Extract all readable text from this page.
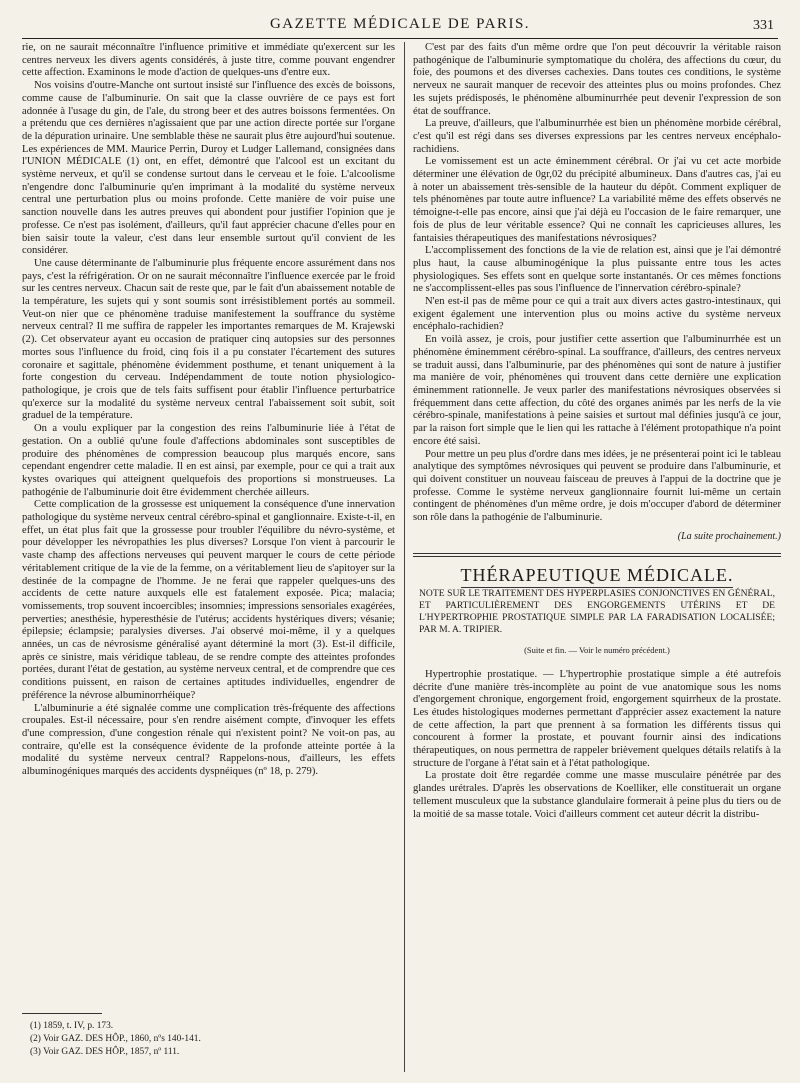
GAZETTE MÉDICALE DE PARIS.	331

rie, on ne saurait méconnaître l'influence primitive et immédiate qu'exercent sur les centres nerveux les divers agents considérés, à juste titre, comme pouvant engendrer cette affection. Examinons le mode d'action de quelques-uns d'entre eux.

Nos voisins d'outre-Manche ont surtout insisté sur l'influence des excès de boissons, comme cause de l'albuminurie. On sait que la classe ouvrière de ce pays est fort adonnée à l'usage du gin, de l'ale, du strong beer et des autres boissons fermentées. On a prétendu que ces dernières n'agissaient que par une action directe portée sur l'organe de la dépuration urinaire. Une semblable thèse ne saurait plus être aujourd'hui soutenue. Les expériences de MM. Maurice Perrin, Duroy et Ludger Lallemand, consignées dans l'UNION MÉDICALE (1) ont, en effet, démontré que l'alcool est un excitant du système nerveux, et qu'il se condense surtout dans le cerveau et le foie. L'alcoolisme n'engendre donc l'albuminurie qu'en imprimant à la modalité du système nerveux central une perturbation plus ou moins profonde. Cette manière de voir puise une sanction nouvelle dans les autres preuves qui abondent pour justifier l'opinion que je professe. Ce n'est pas isolément, d'ailleurs, qu'il faut apprécier chacune d'elles pour en bien saisir toute la valeur, c'est dans leur ensemble surtout qu'il convient de les considérer.

Une cause déterminante de l'albuminurie plus fréquente encore assurément dans nos pays, c'est la réfrigération. Or on ne saurait méconnaître l'influence exercée par le froid sur les centres nerveux. Chacun sait de reste que, par le fait d'un abaissement notable de la température, les sujets qui y sont soumis sont irrésistiblement portés au sommeil. Veut-on nier que ce phénomène traduise manifestement la souffrance du système nerveux central? Il me suffira de rappeler les importantes remarques de M. Krajewski (2). Cet observateur ayant eu occasion de pratiquer cinq autopsies sur des personnes mortes sous l'influence du froid, cinq fois il a pu constater l'écartement des sutures coronaire et sagittale, phénomène évidemment posthume, et tenant uniquement à la forte congestion du cerveau. Indépendamment de toute notion physiologico-pathologique, je crois que de tels faits suffisent pour établir l'influence perturbatrice qu'exerce sur la modalité du système nerveux central l'abaissement soit subit, soit graduel de la température.

On a voulu expliquer par la congestion des reins l'albuminurie liée à l'état de gestation. On a oublié qu'une foule d'affections abdominales sont susceptibles de produire des phénomènes de compression beaucoup plus marqués encore, sans cependant engendrer cette maladie. Il en est ainsi, par exemple, pour ce qui a trait aux kystes ovariques qui atteignent quelquefois des proportions si monstrueuses. La pathogénie de l'albuminurie doit être évidemment cherchée ailleurs.

Cette complication de la grossesse est uniquement la conséquence d'une innervation pathologique du système nerveux central cérébro-spinal et ganglionnaire. Existe-t-il, en effet, un état plus fait que la grossesse pour troubler l'équilibre du névro-système, et pour développer les névropathies les plus diverses? Lorsque l'on vient à parcourir le vaste champ des affections nerveuses qui peuvent marquer le cours de cette période véritablement critique de la vie de la femme, on a véritablement lieu de s'apitoyer sur la destinée de la compagne de l'homme. Je ne ferai que rappeler quelques-uns des accidents de cette nature auxquels elle est fatalement exposée. Pica; malacia; vomissements, trop souvent incoercibles; insomnies; impressions sensoriales exagérées, perverties; anesthésie, hyperesthésie de l'utérus; accidents hystériques divers; vésanie; épilepsie; éclampsie; paralysies diverses. J'ai observé moi-même, il y a quelques années, un cas de névrosisme généralisé ayant déterminé la mort (3). Est-il difficile, après ce sinistre, mais véridique tableau, de se rendre compte des atteintes profondes portées, durant l'état de gestation, au système nerveux central, et de comprendre que ces conditions puissent, en raison de certaines aptitudes individuelles, engendrer de préférence la névrose albuminorrhéique?

L'albuminurie a été signalée comme une complication très-fréquente des affections croupales. Est-il nécessaire, pour s'en rendre aisément compte, d'invoquer les effets d'une compression, d'une congestion rénale qui n'existent point? Ne voit-on pas, au contraire, qu'elle est la conséquence évidente de la profonde atteinte portée à la modalité du système nerveux central? Rappelons-nous, d'ailleurs, les effets albuminogéniques marqués des accidents dyspnéiques (nº 18, p. 279).

C'est par des faits d'un même ordre que l'on peut découvrir la véritable raison pathogénique de l'albuminurie symptomatique du choléra, des affections du cœur, du foie, des poumons et des diverses cachexies. Dans toutes ces conditions, le système nerveux ne saurait manquer de recevoir des atteintes plus ou moins profondes. Chez les sujets prédisposés, le phénomène albuminurrhée peut devenir l'expression de son état de souffrance.

La preuve, d'ailleurs, que l'albuminurrhée est bien un phénomène morbide cérébral, c'est qu'il est régi dans ses diverses expressions par les centres nerveux encéphalo-rachidiens.

Le vomissement est un acte éminemment cérébral. Or j'ai vu cet acte morbide déterminer une élévation de 0gr,02 du précipité albumineux. Dans d'autres cas, j'ai eu à noter un abaissement très-sensible de la hauteur du dépôt. Comment expliquer de tels phénomènes par toute autre influence? La variabilité même des effets observés ne témoigne-t-elle pas encore, ainsi que j'ai déjà eu l'occasion de le faire remarquer, une fois de plus de leur véritable essence? Qui ne connaît les capricieuses allures, les fantaisies thérapeutiques des manifestations névrosiques?

L'accomplissement des fonctions de la vie de relation est, ainsi que je l'ai démontré plus haut, la cause albuminogénique la plus puissante entre tous les actes physiologiques. Ses effets sont en quelque sorte instantanés. Or ces mêmes fonctions ne s'accomplissent-elles pas sous l'influence de l'innervation cérébro-spinale?

N'en est-il pas de même pour ce qui a trait aux divers actes gastro-intestinaux, qui exigent également une intervention plus ou moins active du système nerveux encéphalo-rachidien?

En voilà assez, je crois, pour justifier cette assertion que l'albuminurrhée est un phénomène éminemment cérébro-spinal. La souffrance, d'ailleurs, des centres nerveux se traduit aussi, dans l'albuminurie, par des phénomènes qui sont de nature à justifier ma manière de voir, phénomènes qui trouvent dans cette dernière une explication éminemment rationnelle. Je veux parler des manifestations névrosiques observées si fréquemment dans cette affection, du côté des organes animés par les nerfs de la vie cérébro-spinale, manifestations à peine saisies et surtout mal définies jusqu'à ce jour, par la raison fort simple que le lien qui les rattache à l'élément protopathique n'a point encore été saisi.

Pour mettre un peu plus d'ordre dans mes idées, je ne présenterai point ici le tableau analytique des symptômes névrosiques qui peuvent se produire dans l'albuminurie, et qui doivent constituer un nouveau faisceau de preuves à l'appui de la doctrine que je professe. Comme le système nerveux ganglionnaire fournit lui-même un certain contingent de phénomènes d'un même ordre, je dois m'occuper d'abord de déterminer son rôle dans la pathogénie de l'albuminurie.

(La suite prochainement.)

THÉRAPEUTIQUE MÉDICALE.
NOTE SUR LE TRAITEMENT DES HYPERPLASIES CONJONCTIVES EN GÉNÉRAL, ET PARTICULIÈREMENT DES ENGORGEMENTS UTÉRINS ET DE L'HYPERTROPHIE PROSTATIQUE SIMPLE PAR LA FARADISATION LOCALISÉE; PAR M. A. TRIPIER.
(Suite et fin. — Voir le numéro précédent.)

Hypertrophie prostatique. — L'hypertrophie prostatique simple a été autrefois décrite d'une manière très-incomplète au point de vue anatomique sous les noms d'engorgement chronique, engorgement froid, engorgement squirrheux de la prostate. Les études histologiques modernes permettant d'apprécier assez exactement la nature de cette affection, la part que prennent à sa formation les différents tissus qui concourent à former la prostate, et pouvant fournir ainsi des indications thérapeutiques, on nous permettra de rappeler brièvement quelques détails relatifs à la structure de l'organe à l'état sain et à l'état pathologique.

La prostate doit être regardée comme une masse musculaire pénétrée par des glandes urétrales. D'après les observations de Koelliker, elle constituerait un organe tellement musculeux que la substance glandulaire formerait à peine plus du tiers ou de la moitié de sa masse totale. Voici d'ailleurs comment cet auteur décrit la distribu-

(1) 1859, t. IV, p. 173.
(2) Voir GAZ. DES HÔP., 1860, nºs 140-141.
(3) Voir GAZ. DES HÔP., 1857, nº 111.
